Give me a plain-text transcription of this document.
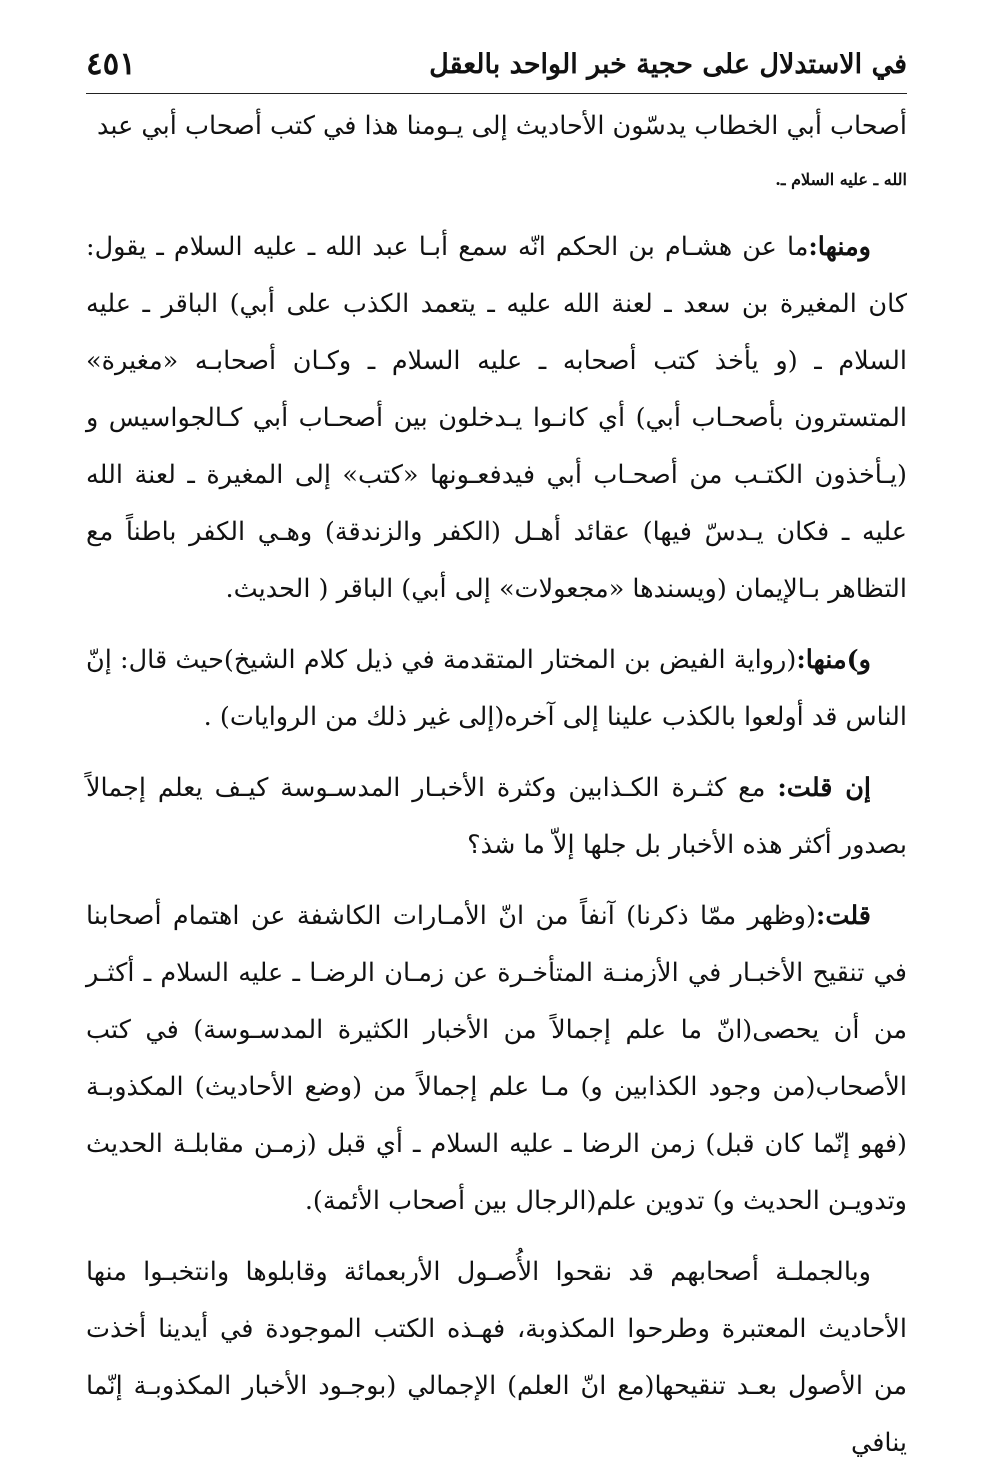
في الاستدلال على حجية خبر الواحد بالعقل
٤٥١

أصحاب أبي الخطاب يدسّون الأحاديث إلى يـومنا هذا في كتب أصحاب أبي عبد
الله ـ عليه السلام ـ.

ومنها:ما عن هشـام بن الحكم انّه سمع أبـا عبد الله ـ عليه السلام ـ يقول: كان المغيرة بن سعد ـ لعنة الله عليه ـ يتعمد الكذب على أبي) الباقر ـ عليه السلام ـ (و يأخذ كتب أصحابه ـ عليه السلام ـ وكـان أصحابـه «مغيرة» المتسترون بأصحـاب أبي) أي كانـوا يـدخلون بين أصحـاب أبي كـالجواسيس و (يـأخذون الكتـب من أصحـاب أبي فيدفعـونها «كتب» إلى المغيرة ـ لعنة الله عليه ـ فكان يـدسّ فيها) عقائد أهـل (الكفر والزندقة) وهـي الكفر باطناً مع التظاهر بـالإيمان (ويسندها «مجعولات» إلى أبي) الباقر ( الحديث.

و)منها:(رواية الفيض بن المختار المتقدمة في ذيل كلام الشيخ)حيث قال: إنّ الناس قد أولعوا بالكذب علينا إلى آخره(إلى غير ذلك من الروايات) .

إن قلت: مع كثـرة الكـذابين وكثرة الأخبـار المدسـوسة كيـف يعلم إجمالاً بصدور أكثر هذه الأخبار بل جلها إلاّ ما شذ؟

قلت:(وظهر ممّا ذكرنا) آنفاً من انّ الأمـارات الكاشفة عن اهتمام أصحابنا في تنقيح الأخبـار في الأزمنـة المتأخـرة عن زمـان الرضـا ـ عليه السلام ـ أكثـر من أن يحصى(انّ ما علم إجمالاً من الأخبار الكثيرة المدسـوسة) في كتب الأصحاب(من وجود الكذابين و) مـا علم إجمالاً من (وضع الأحاديث) المكذوبـة (فهو إنّما كان قبل) زمن الرضا ـ عليه السلام ـ أي قبل (زمـن مقابلـة الحديث وتدويـن الحديث و) تدوين علم(الرجال بين أصحاب الأئمة).

وبالجملـة أصحابهم قد نقحوا الأُصـول الأربعمائة وقابلوها وانتخبـوا منها الأحاديث المعتبرة وطرحوا المكذوبة، فهـذه الكتب الموجودة في أيدينا أخذت من الأصول بعـد تنقيحها(مع انّ العلم) الإجمالي (بوجـود الأخبار المكذوبـة إنّما ينافي
